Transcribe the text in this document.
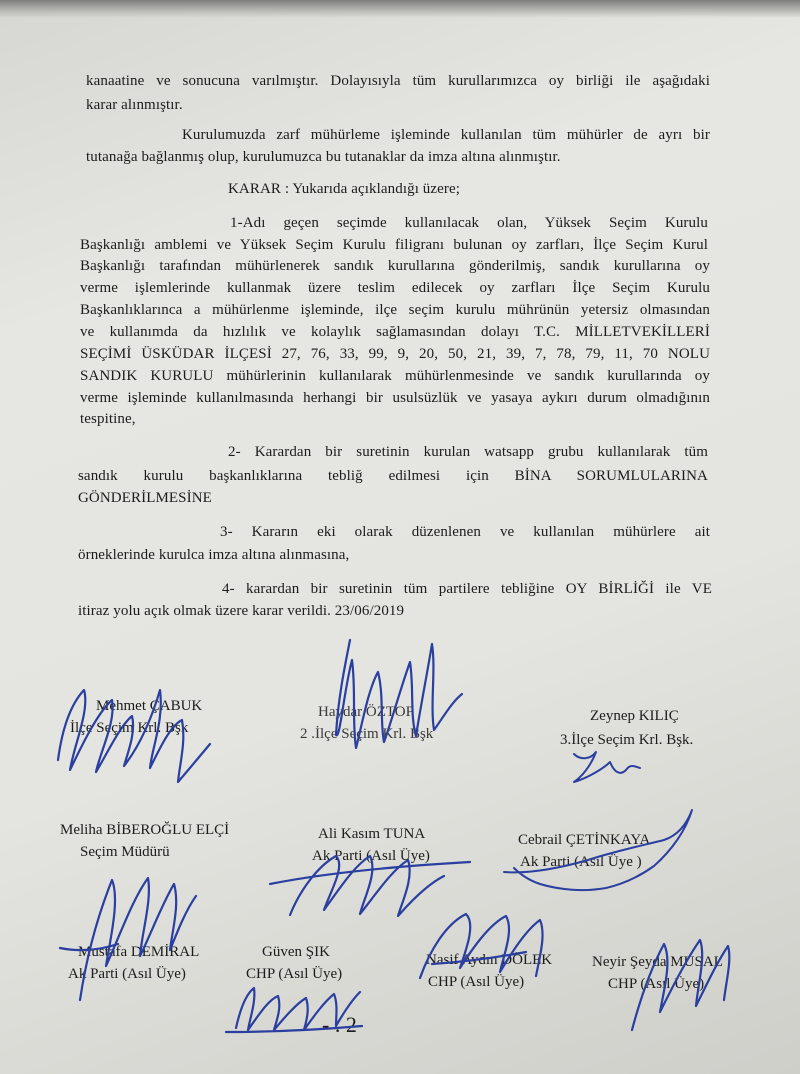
kanaatine ve sonucuna varılmıştır. Dolayısıyla tüm kurullarımızca oy birliği ile aşağıdaki
karar alınmıştır.
Kurulumuzda zarf mühürleme işleminde kullanılan tüm mühürler de ayrı bir
tutanağa bağlanmış olup, kurulumuzca bu tutanaklar da imza altına alınmıştır.
KARAR : Yukarıda açıklandığı üzere;
1-Adı geçen seçimde kullanılacak olan, Yüksek Seçim Kurulu
Başkanlığı amblemi ve Yüksek Seçim Kurulu filigranı bulunan oy zarfları, İlçe Seçim Kurul
Başkanlığı tarafından mühürlenerek sandık kurullarına gönderilmiş, sandık kurullarına oy
verme işlemlerinde kullanmak üzere teslim edilecek oy zarfları İlçe Seçim Kurulu
Başkanlıklarınca a mühürlenme işleminde, ilçe seçim kurulu mührünün yetersiz olmasından
ve kullanımda da hızlılık ve kolaylık sağlamasından dolayı T.C. MİLLETVEKİLLERİ
SEÇİMİ ÜSKÜDAR İLÇESİ 27, 76, 33, 99, 9, 20, 50, 21, 39, 7, 78, 79, 11, 70 NOLU
SANDIK KURULU mühürlerinin kullanılarak mühürlenmesinde ve sandık kurullarında oy
verme işleminde kullanılmasında herhangi bir usulsüzlük ve yasaya aykırı durum olmadığının
tespitine,
2- Karardan bir suretinin kurulan watsapp grubu kullanılarak tüm
sandık kurulu başkanlıklarına tebliğ edilmesi için BİNA SORUMLULARINA
GÖNDERİLMESİNE
3- Kararın eki olarak düzenlenen ve kullanılan mühürlere ait
örneklerinde kurulca imza altına alınmasına,
4- karardan bir suretinin tüm partilere tebliğine OY BİRLİĞİ ile VE
itiraz yolu açık olmak üzere karar verildi. 23/06/2019
Mehmet ÇABUK
İlçe Seçim Krl. Bşk
Haydar ÖZTOP
2 .İlçe Seçim Krl. Bşk
Zeynep KILIÇ
3.İlçe Seçim Krl. Bşk.
Meliha BİBEROĞLU ELÇİ
Seçim Müdürü
Ali Kasım TUNA
Ak Parti (Asıl Üye)
Cebrail ÇETİNKAYA
Ak Parti (Asıl Üye )
Mustafa DEMİRAL
Ak Parti (Asıl Üye)
Güven ŞIK
CHP (Asıl Üye)
Nasif Aydın DÖLEK
CHP (Asıl Üye)
Neyir Şeyda MUSAL
CHP (Asıl Üye)
- . 2
